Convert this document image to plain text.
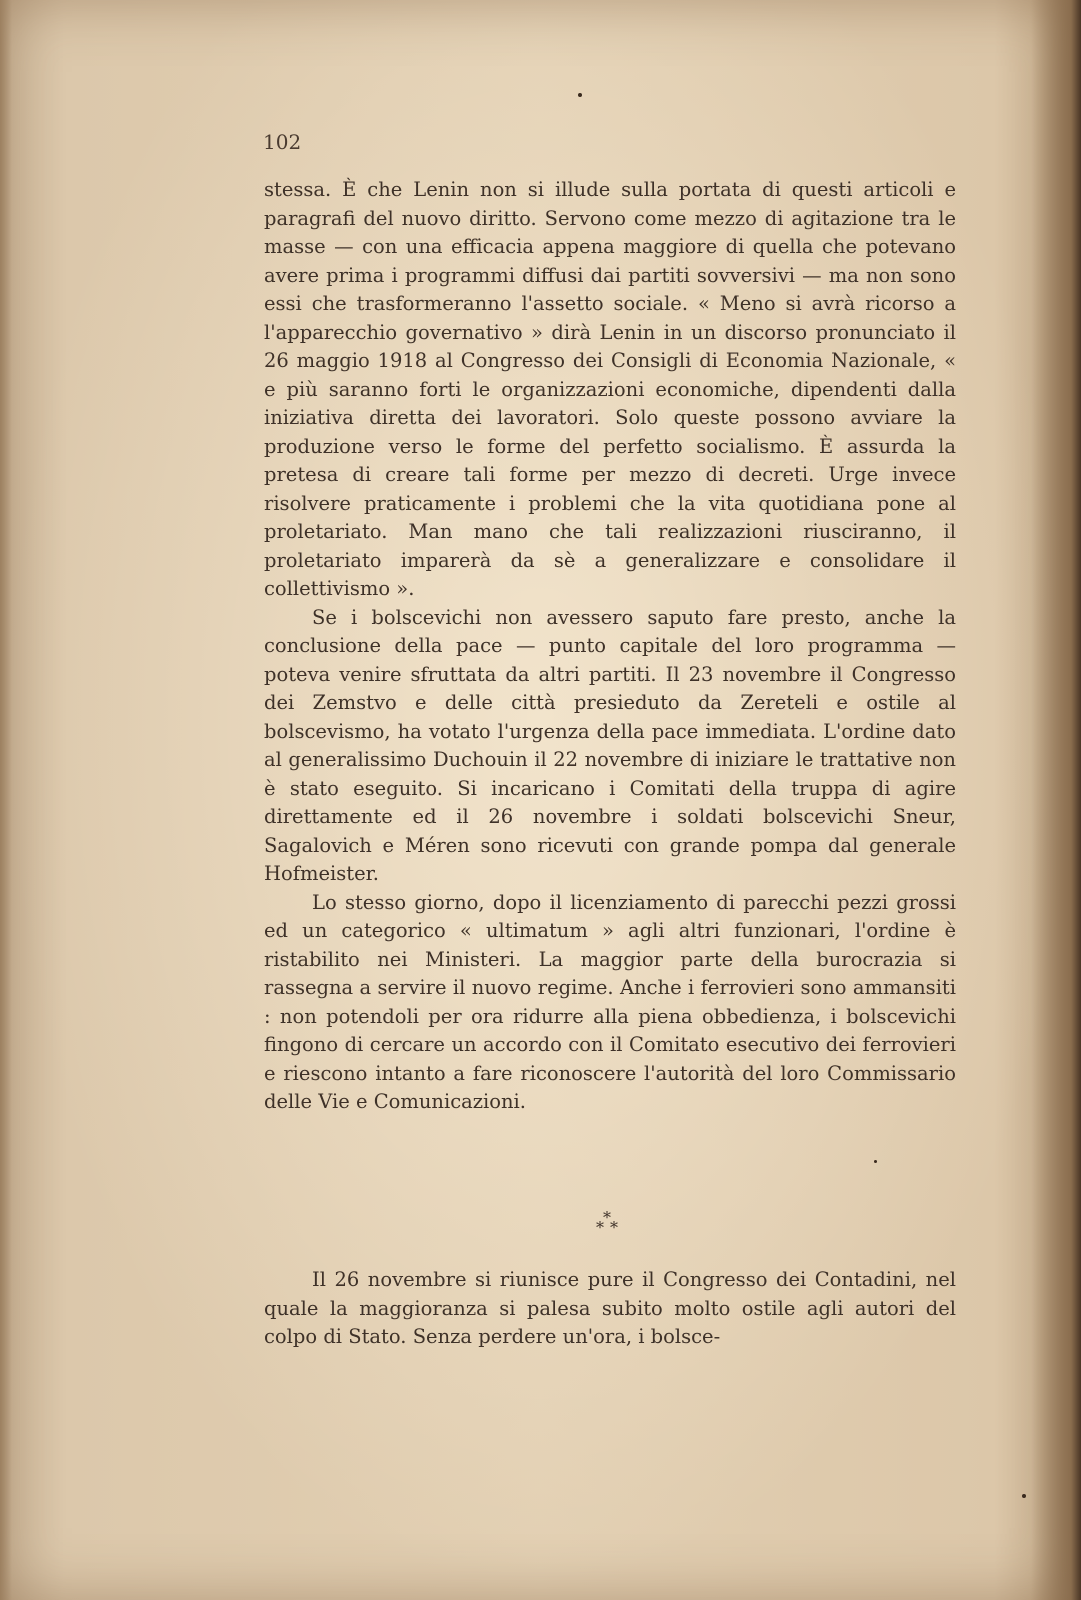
102

stessa. È che Lenin non si illude sulla portata di questi articoli e paragrafi del nuovo diritto. Servono come mezzo di agitazione tra le masse — con una efficacia appena maggiore di quella che potevano avere prima i programmi diffusi dai partiti sovversivi — ma non sono essi che trasformeranno l'assetto sociale. « Meno si avrà ricorso a l'apparecchio governativo » dirà Lenin in un discorso pronunciato il 26 maggio 1918 al Congresso dei Consigli di Economia Nazionale, « e più saranno forti le organizzazioni economiche, dipendenti dalla iniziativa diretta dei lavoratori. Solo queste possono avviare la produzione verso le forme del perfetto socialismo. È assurda la pretesa di creare tali forme per mezzo di decreti. Urge invece risolvere praticamente i problemi che la vita quotidiana pone al proletariato. Man mano che tali realizzazioni riusciranno, il proletariato imparerà da sè a generalizzare e consolidare il collettivismo ».

Se i bolscevichi non avessero saputo fare presto, anche la conclusione della pace — punto capitale del loro programma — poteva venire sfruttata da altri partiti. Il 23 novembre il Congresso dei Zemstvo e delle città presieduto da Zereteli e ostile al bolscevismo, ha votato l'urgenza della pace immediata. L'ordine dato al generalissimo Duchouin il 22 novembre di iniziare le trattative non è stato eseguito. Si incaricano i Comitati della truppa di agire direttamente ed il 26 novembre i soldati bolscevichi Sneur, Sagalovich e Méren sono ricevuti con grande pompa dal generale Hofmeister.

Lo stesso giorno, dopo il licenziamento di parecchi pezzi grossi ed un categorico « ultimatum » agli altri funzionari, l'ordine è ristabilito nei Ministeri. La maggior parte della burocrazia si rassegna a servire il nuovo regime. Anche i ferrovieri sono ammansiti : non potendoli per ora ridurre alla piena obbedienza, i bolscevichi fingono di cercare un accordo con il Comitato esecutivo dei ferrovieri e riescono intanto a fare riconoscere l'autorità del loro Commissario delle Vie e Comunicazioni.

*
* *

Il 26 novembre si riunisce pure il Congresso dei Contadini, nel quale la maggioranza si palesa subito molto ostile agli autori del colpo di Stato. Senza perdere un'ora, i bolsce-
